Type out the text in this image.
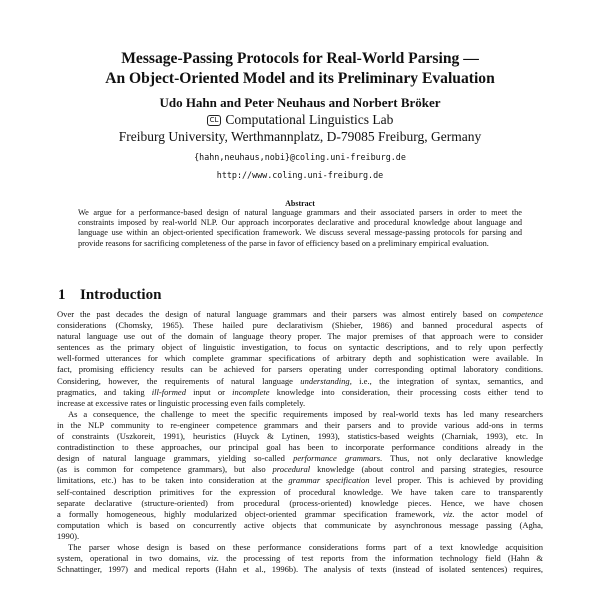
Message-Passing Protocols for Real-World Parsing —
An Object-Oriented Model and its Preliminary Evaluation
Udo Hahn and Peter Neuhaus and Norbert Bröker
CL Computational Linguistics Lab
Freiburg University, Werthmannplatz, D-79085 Freiburg, Germany
{hahn,neuhaus,nobi}@coling.uni-freiburg.de
http://www.coling.uni-freiburg.de
Abstract
We argue for a performance-based design of natural language grammars and their associated parsers in order to meet the
constraints imposed by real-world NLP. Our approach incorporates declarative and procedural knowledge about language and
language use within an object-oriented specification framework. We discuss several message-passing protocols for parsing and
provide reasons for sacrificing completeness of the parse in favor of efficiency based on a preliminary empirical evaluation.
1 Introduction
Over the past decades the design of natural language grammars and their parsers was almost entirely based on competence
considerations (Chomsky, 1965). These hailed pure declarativism (Shieber, 1986) and banned procedural aspects of
natural language use out of the domain of language theory proper. The major premises of that approach were to consider
sentences as the primary object of linguistic investigation, to focus on syntactic descriptions, and to rely upon perfectly
well-formed utterances for which complete grammar specifications of arbitrary depth and sophistication were available. In
fact, promising efficiency results can be achieved for parsers operating under corresponding optimal laboratory conditions.
Considering, however, the requirements of natural language understanding, i.e., the integration of syntax, semantics, and
pragmatics, and taking ill-formed input or incomplete knowledge into consideration, their processing costs either tend to
increase at excessive rates or linguistic processing even fails completely.
As a consequence, the challenge to meet the specific requirements imposed by real-world texts has led many researchers
in the NLP community to re-engineer competence grammars and their parsers and to provide various add-ons in terms
of constraints (Uszkoreit, 1991), heuristics (Huyck & Lytinen, 1993), statistics-based weights (Charniak, 1993), etc. In
contradistinction to these approaches, our principal goal has been to incorporate performance conditions already in the
design of natural language grammars, yielding so-called performance grammars. Thus, not only declarative knowledge
(as is common for competence grammars), but also procedural knowledge (about control and parsing strategies, resource
limitations, etc.) has to be taken into consideration at the grammar specification level proper. This is achieved by providing
self-contained description primitives for the expression of procedural knowledge. We have taken care to transparently
separate declarative (structure-oriented) from procedural (process-oriented) knowledge pieces. Hence, we have chosen
a formally homogeneous, highly modularized object-oriented grammar specification framework, viz. the actor model of
computation which is based on concurrently active objects that communicate by asynchronous message passing (Agha,
1990).
The parser whose design is based on these performance considerations forms part of a text knowledge acquisition
system, operational in two domains, viz. the processing of test reports from the information technology field (Hahn &
Schnattinger, 1997) and medical reports (Hahn et al., 1996b). The analysis of texts (instead of isolated sentences) requires,
